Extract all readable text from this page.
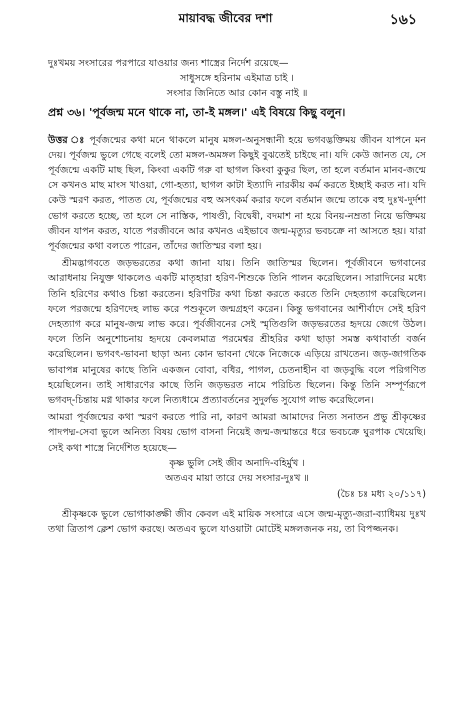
মায়াবদ্ধ জীবের দশা	১৬১

দুঃখময় সংসারের পরপারে যাওয়ার জন্য শাস্ত্রের নির্দেশ রয়েছে—

সাধুসঙ্গে হরিনাম এইমাত্র চাই ।

সংসার জিনিতে আর কোন বস্তু নাই ॥

প্রশ্ন ৩৬। 'পূর্বজন্ম মনে থাকে না, তা-ই মঙ্গল।' এই বিষয়ে কিছু বলুন।

উত্তর ঃ পূর্বজন্মের কথা মনে থাকলে মানুষ মঙ্গল-অনুসন্ধানী হয়ে ভগবদ্ভক্তিময় জীবন যাপনে মন দেয়। পূর্বজন্ম ভুলে গেছে বলেই তো মঙ্গল-অমঙ্গল কিছুই বুঝতেই চাইছে না। যদি কেউ জানত যে, সে পূর্বজন্মে একটি মাছ ছিল, কিংবা একটি গরু বা ছাগল কিংবা কুকুর ছিল, তা হলে বর্তমান মানব-জন্মে সে কখনও মাছ মাংস খাওয়া, গো-হত্যা, ছাগল কাটা ইত্যাদি নারকীয় কর্ম করতে ইচ্ছাই করত না। যদি কেউ স্মরণ করত, পাতত যে, পূর্বজন্মের বহু অসৎকর্ম করার ফলে বর্তমান জন্মে তাকে বহু দুঃখ-দুর্দশা ভোগ করতে হচ্ছে, তা হলে সে নাস্তিক, পাষণ্ডী, বিদ্বেষী, বদমাশ না হয়ে বিনয়-নম্রতা নিয়ে ভক্তিময় জীবন যাপন করত, যাতে পরজীবনে আর কখনও এইভাবে জন্ম-মৃত্যুর ভবচক্রে না আসতে হয়। যারা পূর্বজন্মের কথা বলতে পারেন, তাঁদের জাতিস্মর বলা হয়।

শ্রীমদ্ভাগবতে জড়ভরতের কথা জানা যায়। তিনি জাতিস্মর ছিলেন। পূর্বজীবনে ভগবানের আরাধনায় নিযুক্ত থাকলেও একটি মাতৃহারা হরিণ-শিশুকে তিনি পালন করেছিলেন। সারাদিনের মধ্যে তিনি হরিণের কথাও চিন্তা করতেন। হরিণটির কথা চিন্তা করতে করতে তিনি দেহত্যাগ করেছিলেন। ফলে পরজন্মে হরিণদেহ লাভ করে পশুকূলে জন্মগ্রহণ করেন। কিন্তু ভগবানের আশীর্বাদে সেই হরিণ দেহত্যাগ করে মানুষ-জন্ম লাভ করে। পূর্বজীবনের সেই স্মৃতিগুলি জড়ভরতের হৃদয়ে জেগে উঠল। ফলে তিনি অনুশোচনায় হৃদয়ে কেবলমাত্র পরমেশ্বর শ্রীহরির কথা ছাড়া সমস্ত কথাবার্তা বর্জন করেছিলেন। ভগবৎ-ভাবনা ছাড়া অন্য কোন ভাবনা থেকে নিজেকে এড়িয়ে রাখতেন। জড়-জাগতিক ভাবাপন্ন মানুষের কাছে তিনি একজন বোবা, বধির, পাগল, চেতনাহীন বা জড়বুদ্ধি বলে পরিগণিত হয়েছিলেন। তাই সাধারণের কাছে তিনি জড়ভরত নামে পরিচিত ছিলেন। কিন্তু তিনি সম্পূর্ণরূপে ভগবদ্-চিন্তায় মগ্ন থাকার ফলে নিত্যধামে প্রত্যাবর্তনের সুদুর্লভ সুযোগ লাভ করেছিলেন।

আমরা পূর্বজন্মের কথা স্মরণ করতে পারি না, কারণ আমরা আমাদের নিত্য সনাতন প্রভু শ্রীকৃষ্ণের পাদপদ্ম-সেবা ভুলে অনিত্য বিষয় ভোগ বাসনা নিয়েই জন্ম-জন্মান্তরে ধরে ভবচক্রে ঘুরপাক খেয়েছি। সেই কথা শাস্ত্রে নির্দেশিত হয়েছে—

কৃষ্ণ ভুলি সেই জীব অনাদি-বহির্মুখ ।

অতএব মায়া তারে দেয় সংসার-দুঃখ ॥

(চৈঃ চঃ মধ্য ২০/১১৭)

শ্রীকৃষ্ণকে ভুলে ভোগাকাঙ্ক্ষী জীব কেবল এই মায়িক সংসারে এসে জন্ম-মৃত্যু-জরা-ব্যাধিময় দুঃখ তথা ত্রিতাপ ক্লেশ ভোগ করছে। অতএব ভুলে যাওয়াটা মোটেই মঙ্গলজনক নয়, তা বিপজ্জনক।
